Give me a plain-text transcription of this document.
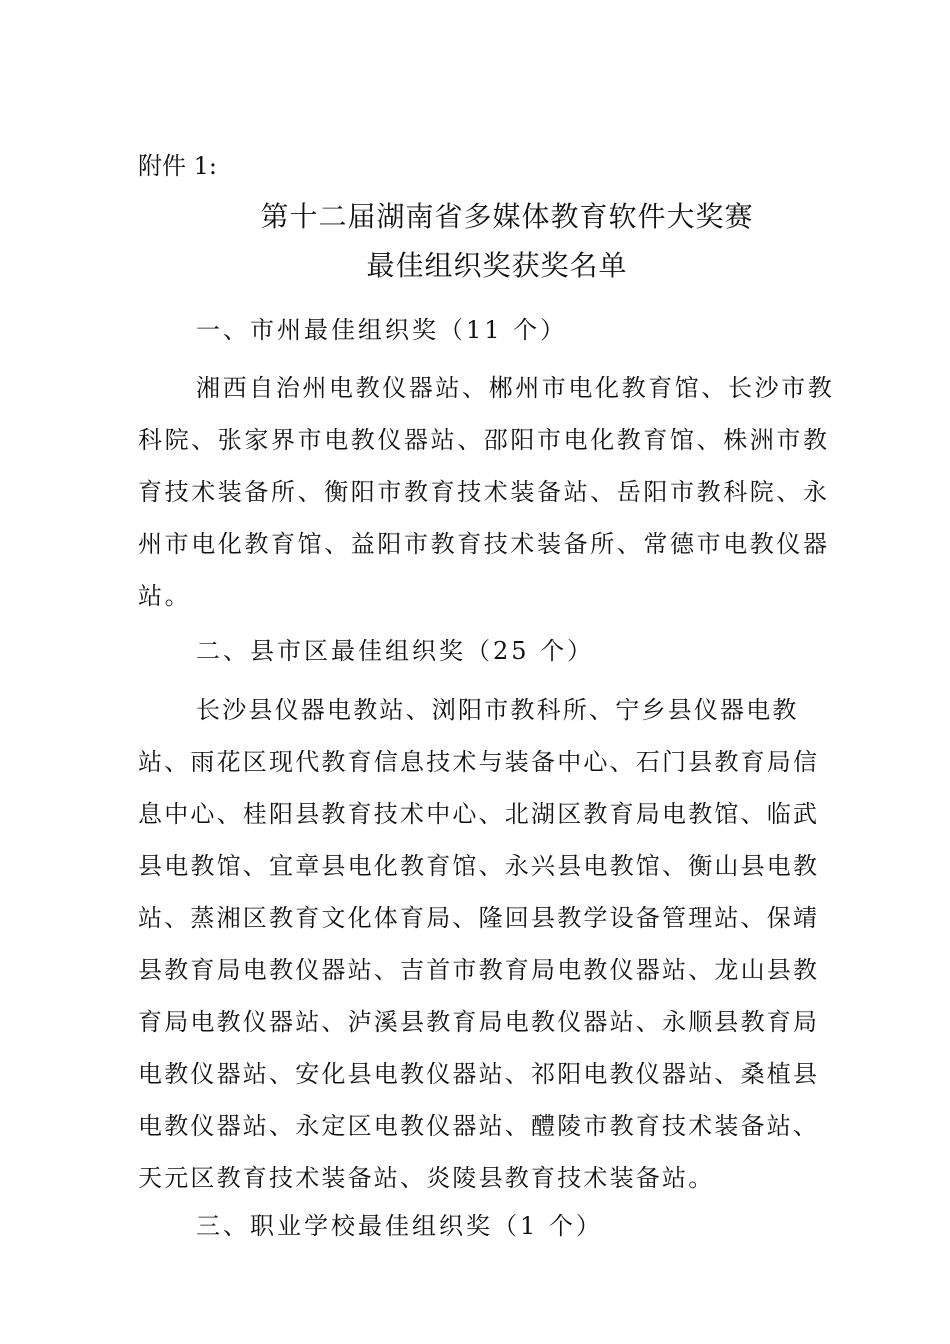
附件 1:
第十二届湖南省多媒体教育软件大奖赛
最佳组织奖获奖名单
一、市州最佳组织奖（11 个）
湘西自治州电教仪器站、郴州市电化教育馆、长沙市教科院、张家界市电教仪器站、邵阳市电化教育馆、株洲市教育技术装备所、衡阳市教育技术装备站、岳阳市教科院、永州市电化教育馆、益阳市教育技术装备所、常德市电教仪器站。
二、县市区最佳组织奖（25 个）
长沙县仪器电教站、浏阳市教科所、宁乡县仪器电教站、雨花区现代教育信息技术与装备中心、石门县教育局信息中心、桂阳县教育技术中心、北湖区教育局电教馆、临武县电教馆、宜章县电化教育馆、永兴县电教馆、衡山县电教站、蒸湘区教育文化体育局、隆回县教学设备管理站、保靖县教育局电教仪器站、吉首市教育局电教仪器站、龙山县教育局电教仪器站、泸溪县教育局电教仪器站、永顺县教育局电教仪器站、安化县电教仪器站、祁阳电教仪器站、桑植县电教仪器站、永定区电教仪器站、醴陵市教育技术装备站、天元区教育技术装备站、炎陵县教育技术装备站。
三、职业学校最佳组织奖（1 个）
